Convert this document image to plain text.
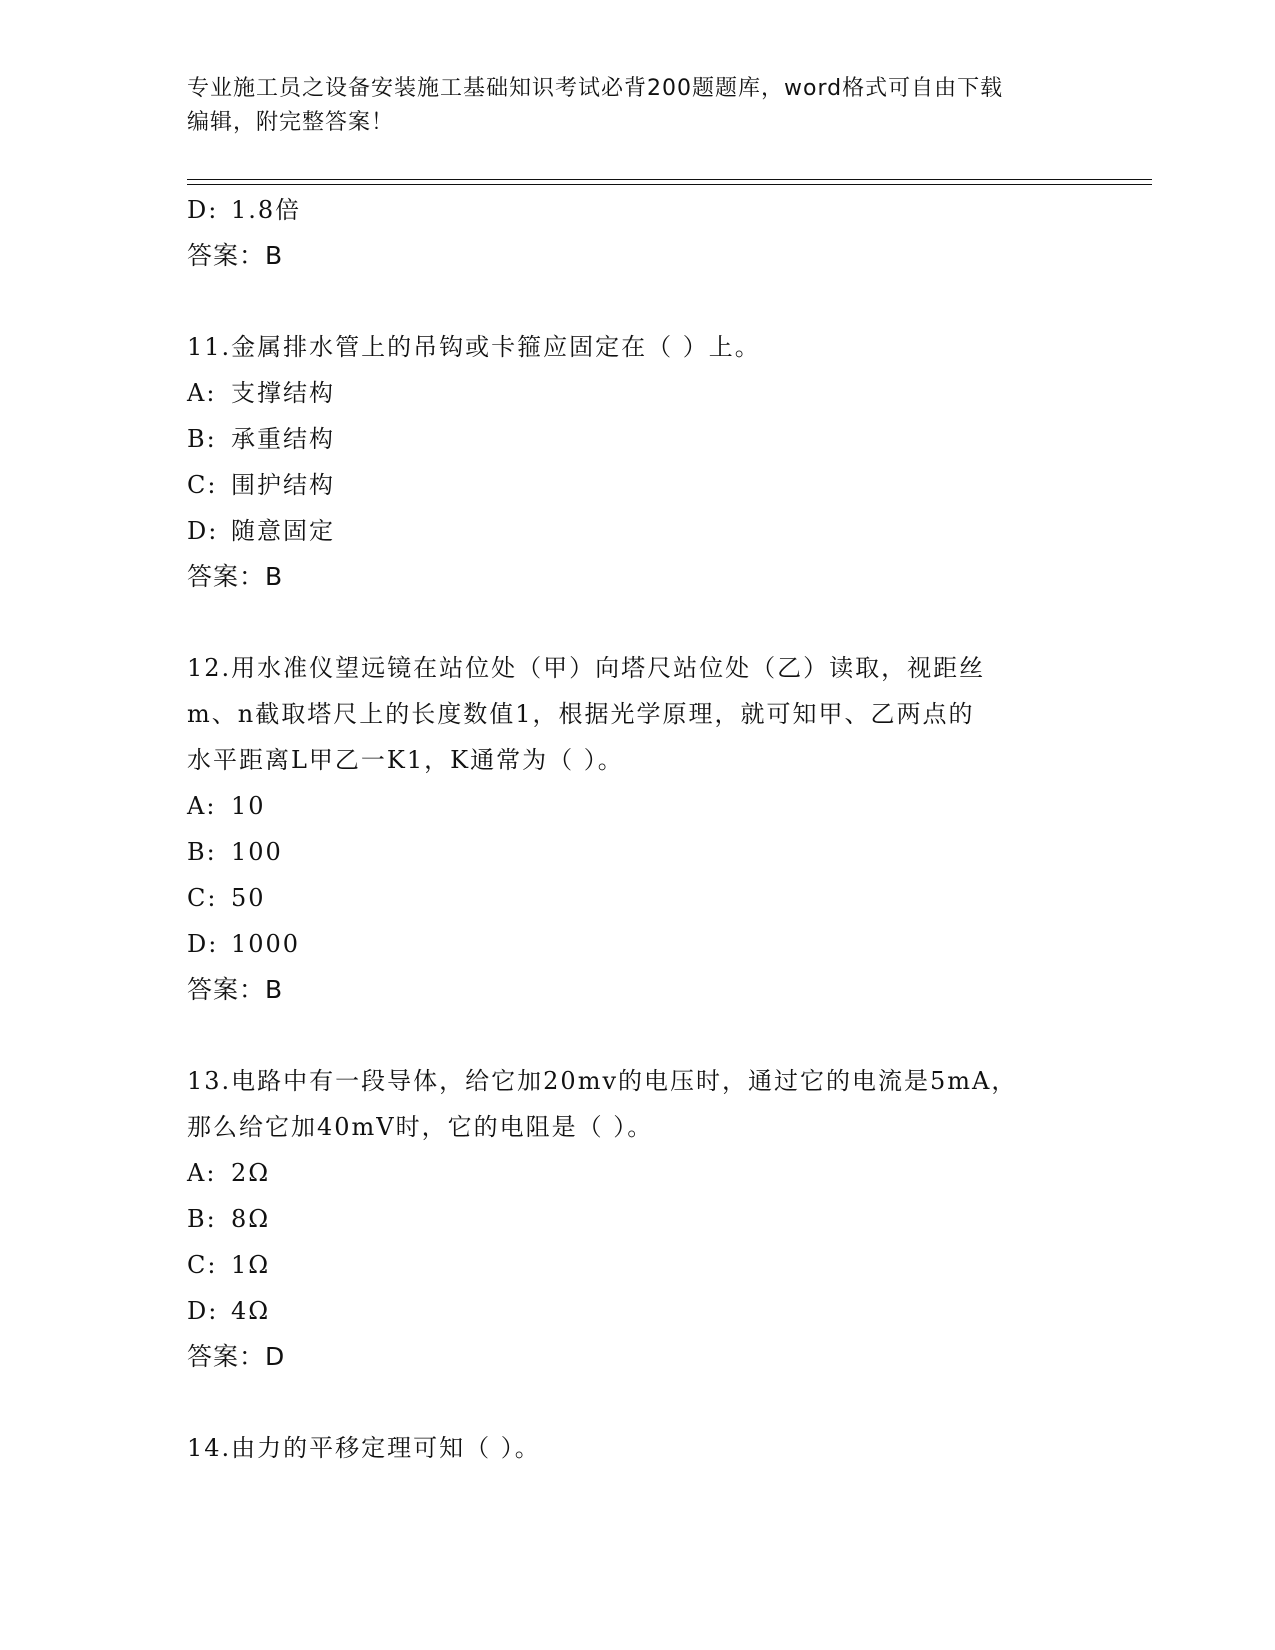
专业施工员之设备安装施工基础知识考试必背200题题库，word格式可自由下载
编辑，附完整答案！
D: 1.8倍
答案：B
11.金属排水管上的吊钩或卡箍应固定在（ ）上。
A: 支撑结构
B: 承重结构
C: 围护结构
D: 随意固定
答案：B
12.用水准仪望远镜在站位处（甲）向塔尺站位处（乙）读取，视距丝
m、n截取塔尺上的长度数值1，根据光学原理，就可知甲、乙两点的
水平距离L甲乙一K1，K通常为（ ）。
A: 10
B: 100
C: 50
D: 1000
答案：B
13.电路中有一段导体，给它加20mv的电压时，通过它的电流是5mA，
那么给它加40mV时，它的电阻是（ ）。
A: 2Ω
B: 8Ω
C: 1Ω
D: 4Ω
答案：D
14.由力的平移定理可知（ ）。
